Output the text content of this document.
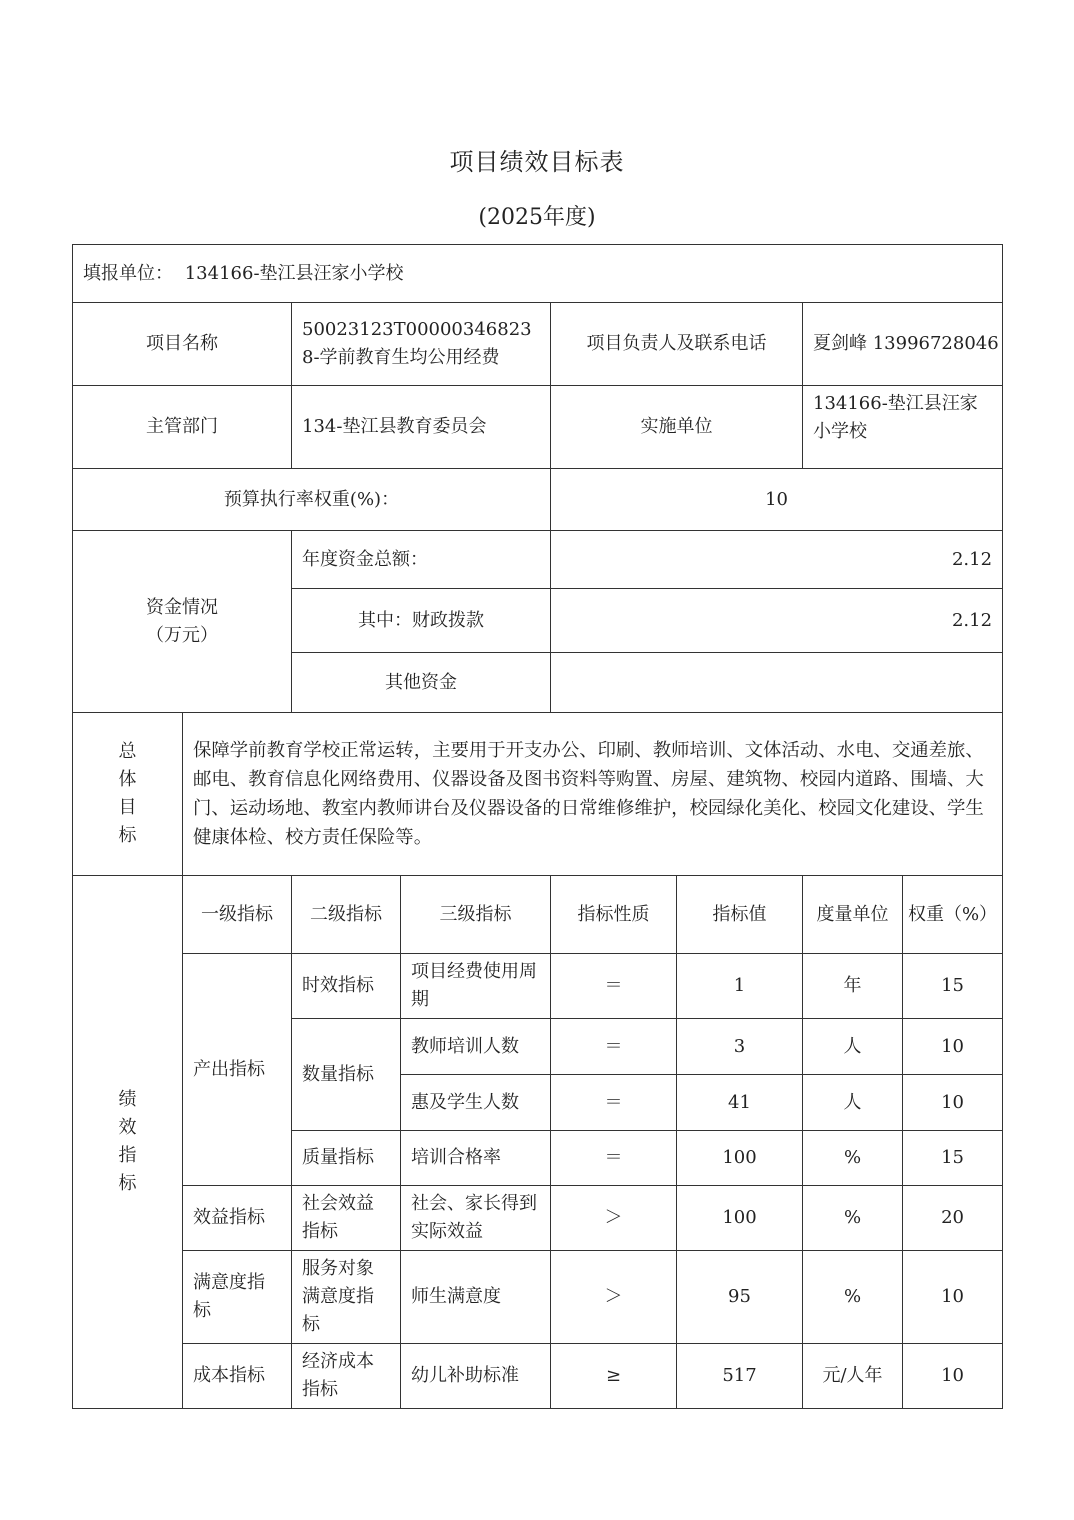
项目绩效目标表
(2025年度)
填报单位： 134166-垫江县汪家小学校							
项目名称		50023123T000003468238-学前教育生均公用经费		项目负责人及联系电话		夏剑峰 13996728046	
主管部门		134-垫江县教育委员会		实施单位		134166-垫江县汪家小学校	
预算执行率权重(%)：				10			

资金情况
（万元）		年度资金总额：		2.12			
		其中：财政拨款		2.12			
		其他资金					

总
体
目
标	保障学前教育学校正常运转，主要用于开支办公、印刷、教师培训、文体活动、水电、交通差旅、邮电、教育信息化网络费用、仪器设备及图书资料等购置、房屋、建筑物、校园内道路、围墙、大门、运动场地、教室内教师讲台及仪器设备的日常维修维护，校园绿化美化、校园文化建设、学生健康体检、校方责任保险等。						

绩
效
指
标	一级指标	二级指标	三级指标	指标性质	指标值	度量单位	权重（%）
	产出指标	时效指标	项目经费使用周期	＝	1	年	15
		数量指标	教师培训人数	＝	3	人	10
			惠及学生人数	＝	41	人	10
		质量指标	培训合格率	＝	100	%	15
	效益指标	社会效益指标	社会、家长得到实际效益	＞	100	%	20
	满意度指标	服务对象满意度指标	师生满意度	＞	95	%	10
	成本指标	经济成本指标	幼儿补助标准	≥	517	元/人年	10
